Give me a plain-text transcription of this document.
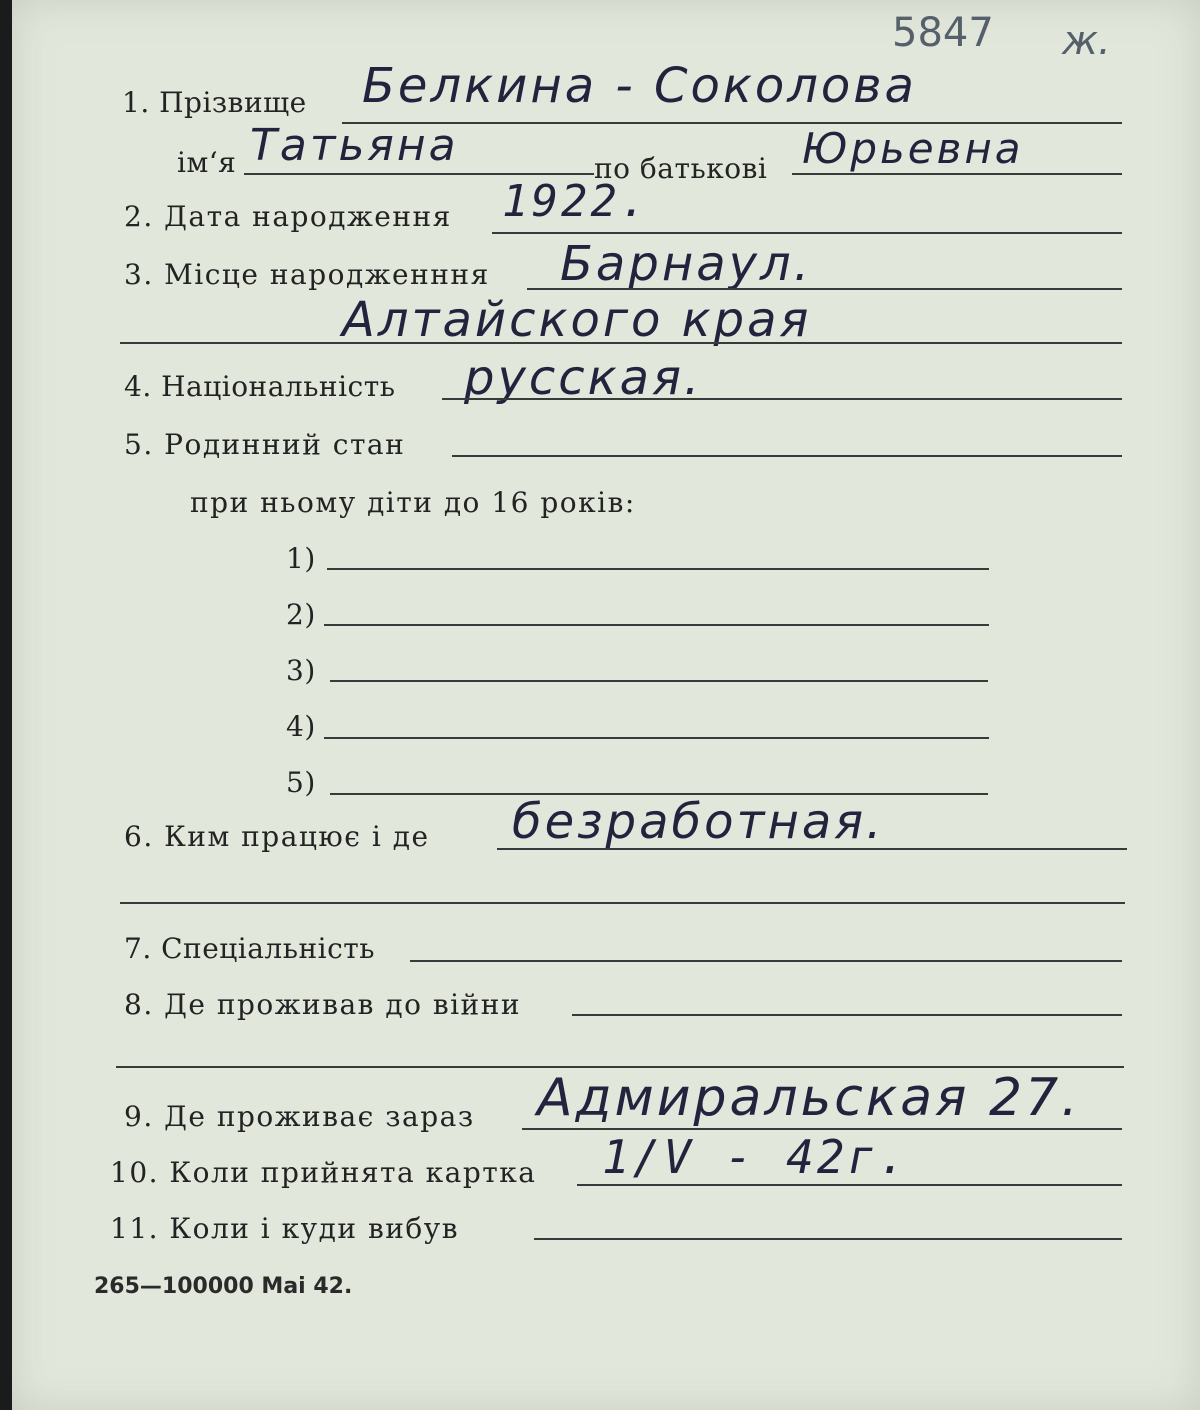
5847 ж.
1. Прізвище Белкина - Соколова
ім‘я Татьяна	по батькові Юрьевна
2. Дата народження 1922.
3. Місце народженння Барнаул.
Алтайского края
4. Національність русская.
5. Родинний стан
при ньому діти до 16 років:
1)
2)
3)
4)
5)
6. Ким працює і де безработная.
7. Спеціальність
8. Де проживав до війни
9. Де проживає зараз Адмиральская 27.
10. Коли прийнята картка 1/V - 42г.
11. Коли і куди вибув
265—100000 Mai 42.
